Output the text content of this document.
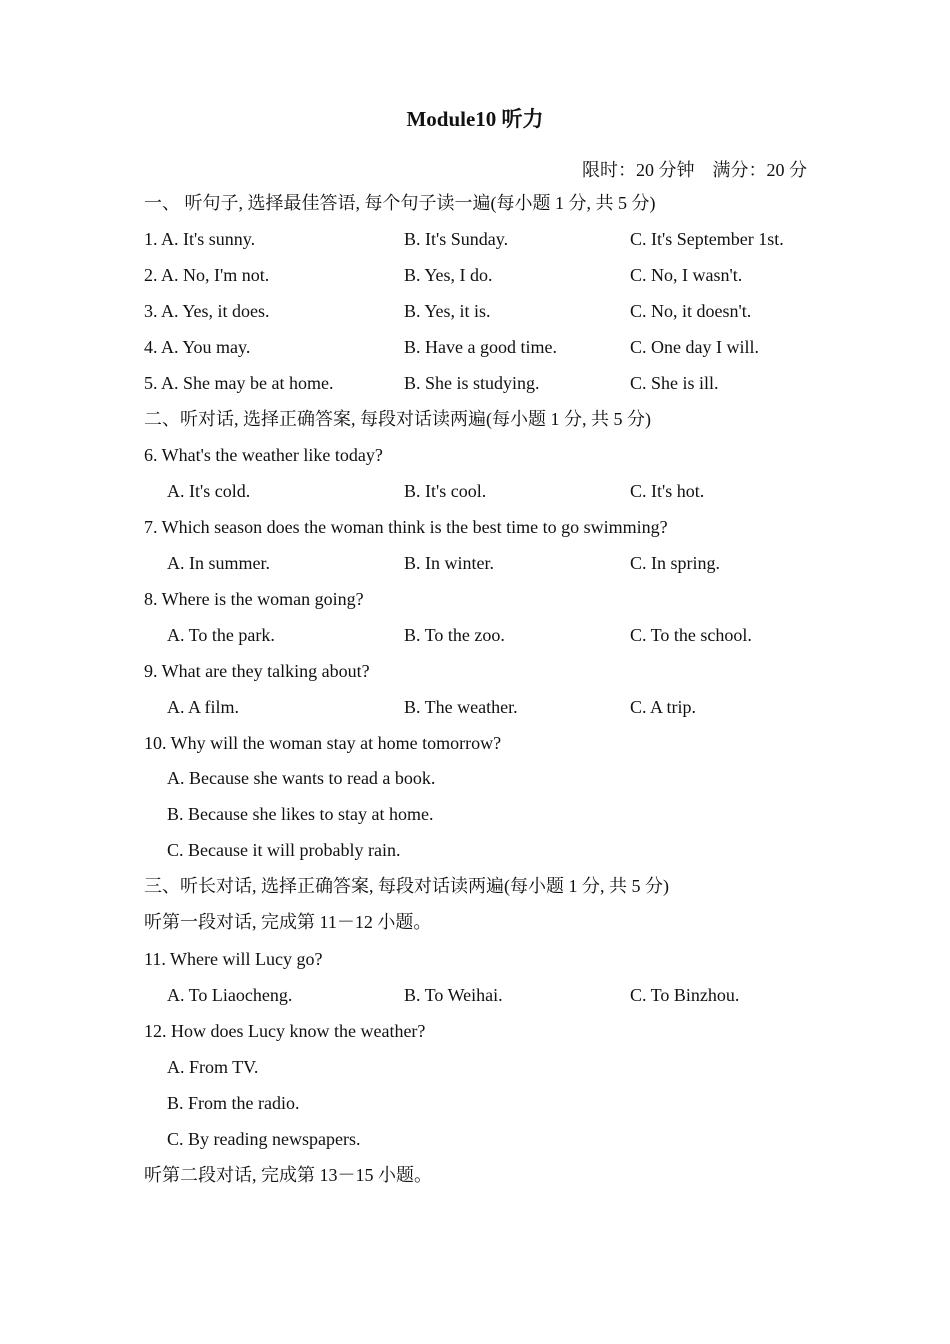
Module10 听力
限时：20 分钟    满分：20 分
一、 听句子, 选择最佳答语, 每个句子读一遍(每小题 1 分, 共 5 分)
1. A. It's sunny.	B. It's Sunday.	C. It's September 1st.
2. A. No, I'm not.	B. Yes, I do.	C. No, I wasn't.
3. A. Yes, it does.	B. Yes, it is.	C. No, it doesn't.
4. A. You may.	B. Have a good time.	C. One day I will.
5. A. She may be at home.	B. She is studying.	C. She is ill.
二、听对话, 选择正确答案, 每段对话读两遍(每小题 1 分, 共 5 分)
6. What's the weather like today?
A. It's cold.	B. It's cool.	C. It's hot.
7. Which season does the woman think is the best time to go swimming?
A. In summer.	B. In winter.	C. In spring.
8. Where is the woman going?
A. To the park.	B. To the zoo.	C. To the school.
9. What are they talking about?
A. A film.	B. The weather.	C. A trip.
10. Why will the woman stay at home tomorrow?
A. Because she wants to read a book.
B. Because she likes to stay at home.
C. Because it will probably rain.
三、听长对话, 选择正确答案, 每段对话读两遍(每小题 1 分, 共 5 分)
听第一段对话, 完成第 11－12 小题。
11. Where will Lucy go?
A. To Liaocheng.	B. To Weihai.	C. To Binzhou.
12. How does Lucy know the weather?
A. From TV.
B. From the radio.
C. By reading newspapers.
听第二段对话, 完成第 13－15 小题。
